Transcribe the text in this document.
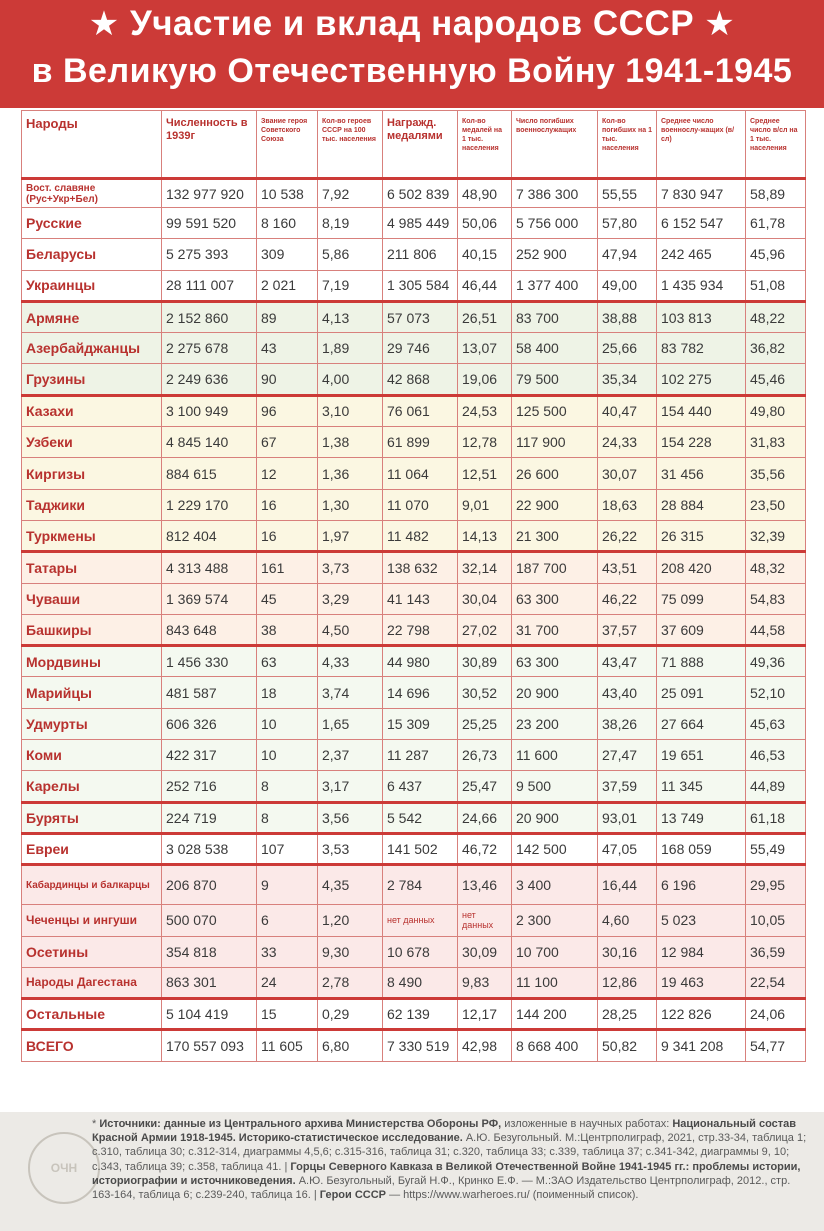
★ Участие и вклад народов СССР ★
в Великую Отечественную Войну 1941-1945
Народы	Численность в 1939г	Звание героя Советского Союза	Кол-во героев СССР на 100 тыс. населения	Награжд. медалями	Кол-во медалей на 1 тыс. населения	Число погибших военнослужащих	Кол-во погибших на 1 тыс. населения	Среднее число военнослу-жащих (в/сл)	Среднее число в/сл на 1 тыс. населения
Вост. славяне (Рус+Укр+Бел)	132 977 920	10 538	7,92	6 502 839	48,90	7 386 300	55,55	7 830 947	58,89
Русские	99 591 520	8 160	8,19	4 985 449	50,06	5 756 000	57,80	6 152 547	61,78
Беларусы	5 275 393	309	5,86	211 806	40,15	252 900	47,94	242 465	45,96
Украинцы	28 111 007	2 021	7,19	1 305 584	46,44	1 377 400	49,00	1 435 934	51,08
Армяне	2 152 860	89	4,13	57 073	26,51	83 700	38,88	103 813	48,22
Азербайджанцы	2 275 678	43	1,89	29 746	13,07	58 400	25,66	83 782	36,82
Грузины	2 249 636	90	4,00	42 868	19,06	79 500	35,34	102 275	45,46
Казахи	3 100 949	96	3,10	76 061	24,53	125 500	40,47	154 440	49,80
Узбеки	4 845 140	67	1,38	61 899	12,78	117 900	24,33	154 228	31,83
Киргизы	884 615	12	1,36	11 064	12,51	26 600	30,07	31 456	35,56
Таджики	1 229 170	16	1,30	11 070	9,01	22 900	18,63	28 884	23,50
Туркмены	812 404	16	1,97	11 482	14,13	21 300	26,22	26 315	32,39
Татары	4 313 488	161	3,73	138 632	32,14	187 700	43,51	208 420	48,32
Чуваши	1 369 574	45	3,29	41 143	30,04	63 300	46,22	75 099	54,83
Башкиры	843 648	38	4,50	22 798	27,02	31 700	37,57	37 609	44,58
Мордвины	1 456 330	63	4,33	44 980	30,89	63 300	43,47	71 888	49,36
Марийцы	481 587	18	3,74	14 696	30,52	20 900	43,40	25 091	52,10
Удмурты	606 326	10	1,65	15 309	25,25	23 200	38,26	27 664	45,63
Коми	422 317	10	2,37	11 287	26,73	11 600	27,47	19 651	46,53
Карелы	252 716	8	3,17	6 437	25,47	9 500	37,59	11 345	44,89
Буряты	224 719	8	3,56	5 542	24,66	20 900	93,01	13 749	61,18
Евреи	3 028 538	107	3,53	141 502	46,72	142 500	47,05	168 059	55,49
Кабардинцы и балкарцы	206 870	9	4,35	2 784	13,46	3 400	16,44	6 196	29,95
Чеченцы и ингуши	500 070	6	1,20	нет данных	нет данных	2 300	4,60	5 023	10,05
Осетины	354 818	33	9,30	10 678	30,09	10 700	30,16	12 984	36,59
Народы Дагестана	863 301	24	2,78	8 490	9,83	11 100	12,86	19 463	22,54
Остальные	5 104 419	15	0,29	62 139	12,17	144 200	28,25	122 826	24,06
ВСЕГО	170 557 093	11 605	6,80	7 330 519	42,98	8 668 400	50,82	9 341 208	54,77
ОЧН
* Источники: данные из Центрального архива Министерства Обороны РФ, изложенные в научных работах: Национальный состав Красной Армии 1918-1945. Историко-статистическое исследование. А.Ю. Безугольный. М.:Центрполиграф, 2021, стр.33-34, таблица 1; с.310, таблица 30; с.312-314, диаграммы 4,5,6; с.315-316, таблица 31; с.320, таблица 33; с.339, таблица 37; с.341-342, диаграммы 9, 10; с.343, таблица 39; с.358, таблица 41. | Горцы Северного Кавказа в Великой Отечественной Войне 1941-1945 гг.: проблемы истории, историографии и источниковедения. А.Ю. Безугольный, Бугай Н.Ф., Кринко Е.Ф. — М.:ЗАО Издательство Центрполиграф, 2012., стр. 163-164, таблица 6; с.239-240, таблица 16. | Герои СССР — https://www.warheroes.ru/ (поименный список).
